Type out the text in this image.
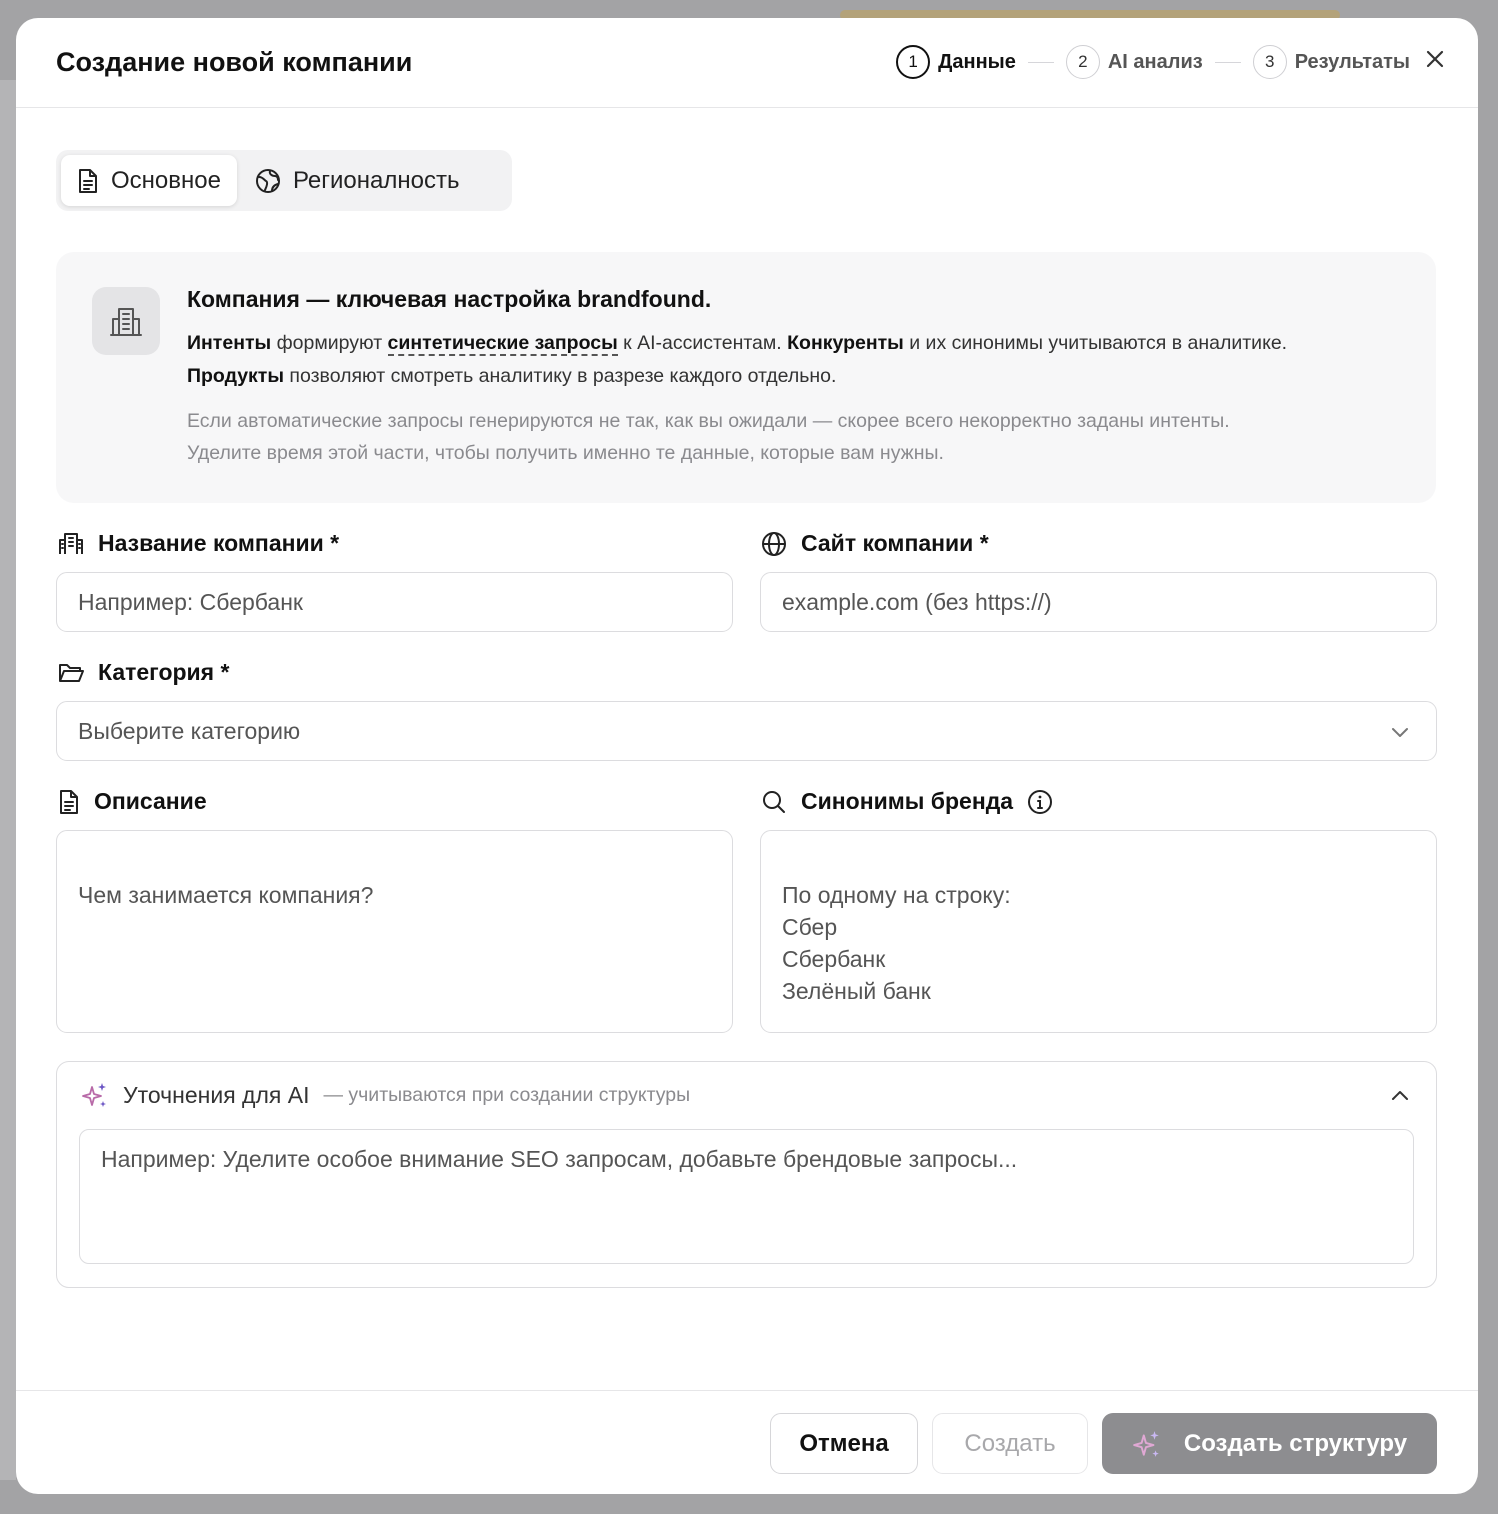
Создание новой компании	1	Данные	2	AI анализ	3	Результаты
Основное	Регионалность
Компания — ключевая настройка brandfound.
Интенты формируют синтетические запросы к AI-ассистентам. Конкуренты и их синонимы учитываются в аналитике.
Продукты позволяют смотреть аналитику в разрезе каждого отдельно.
Если автоматические запросы генерируются не так, как вы ожидали — скорее всего некорректно заданы интенты.
Уделите время этой части, чтобы получить именно те данные, которые вам нужны.
Название компании *
Например: Сбербанк
Сайт компании *
example.com (без https://)
Категория *
Выберите категорию
Описание

Чем занимается компания?

Синонимы бренда

По одному на строку:
Сбер
Сбербанк
Зелёный банк

Уточнения для AI — учитываются при создании структуры
Например: Уделите особое внимание SEO запросам, добавьте брендовые запросы...
Отмена	Создать	Создать структуру
